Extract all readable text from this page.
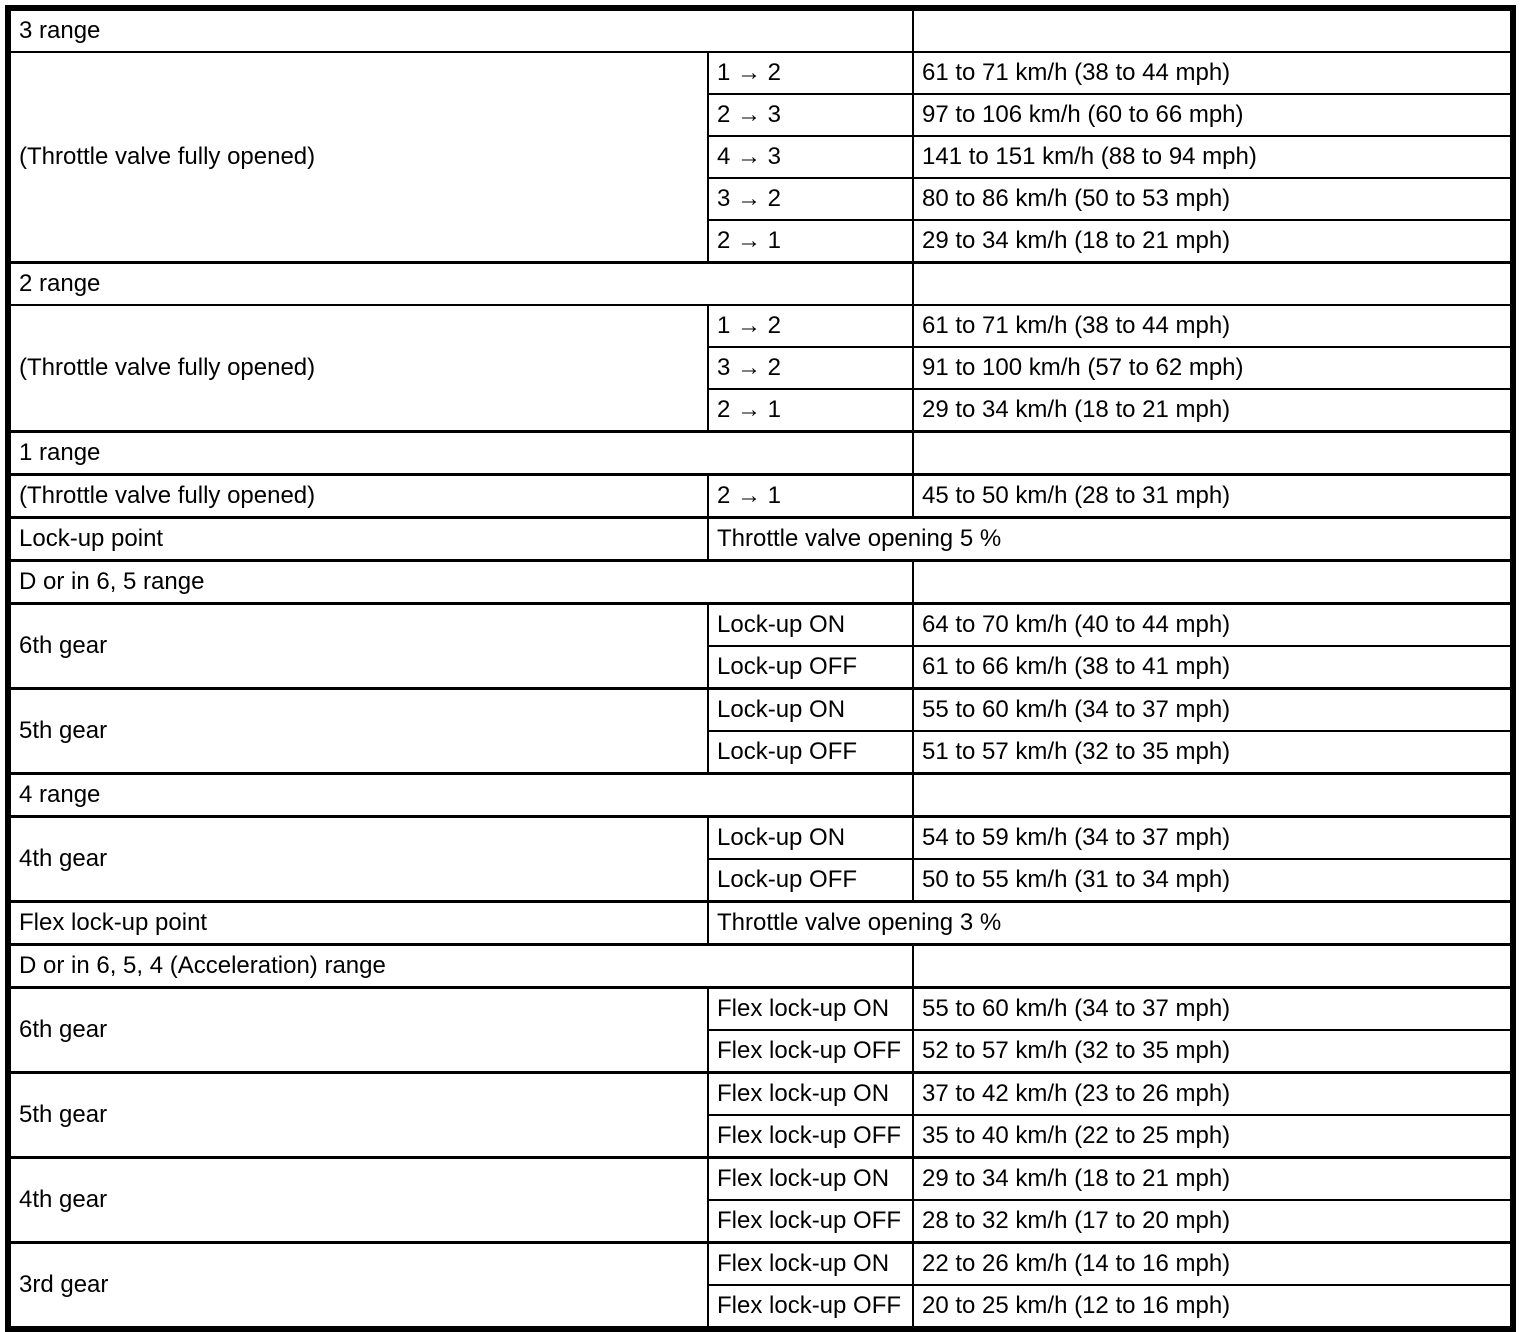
3 range		
(Throttle valve fully opened)	1 → 2	61 to 71 km/h (38 to 44 mph)
	2 → 3	97 to 106 km/h (60 to 66 mph)
	4 → 3	141 to 151 km/h (88 to 94 mph)
	3 → 2	80 to 86 km/h (50 to 53 mph)
	2 → 1	29 to 34 km/h (18 to 21 mph)
2 range		
(Throttle valve fully opened)	1 → 2	61 to 71 km/h (38 to 44 mph)
	3 → 2	91 to 100 km/h (57 to 62 mph)
	2 → 1	29 to 34 km/h (18 to 21 mph)
1 range		
(Throttle valve fully opened)	2 → 1	45 to 50 km/h (28 to 31 mph)
Lock-up point	Throttle valve opening 5 %	
D or in 6, 5 range		
6th gear	Lock-up ON	64 to 70 km/h (40 to 44 mph)
	Lock-up OFF	61 to 66 km/h (38 to 41 mph)
5th gear	Lock-up ON	55 to 60 km/h (34 to 37 mph)
	Lock-up OFF	51 to 57 km/h (32 to 35 mph)
4 range		
4th gear	Lock-up ON	54 to 59 km/h (34 to 37 mph)
	Lock-up OFF	50 to 55 km/h (31 to 34 mph)
Flex lock-up point	Throttle valve opening 3 %	
D or in 6, 5, 4 (Acceleration) range		
6th gear	Flex lock-up ON	55 to 60 km/h (34 to 37 mph)
	Flex lock-up OFF	52 to 57 km/h (32 to 35 mph)
5th gear	Flex lock-up ON	37 to 42 km/h (23 to 26 mph)
	Flex lock-up OFF	35 to 40 km/h (22 to 25 mph)
4th gear	Flex lock-up ON	29 to 34 km/h (18 to 21 mph)
	Flex lock-up OFF	28 to 32 km/h (17 to 20 mph)
3rd gear	Flex lock-up ON	22 to 26 km/h (14 to 16 mph)
	Flex lock-up OFF	20 to 25 km/h (12 to 16 mph)
